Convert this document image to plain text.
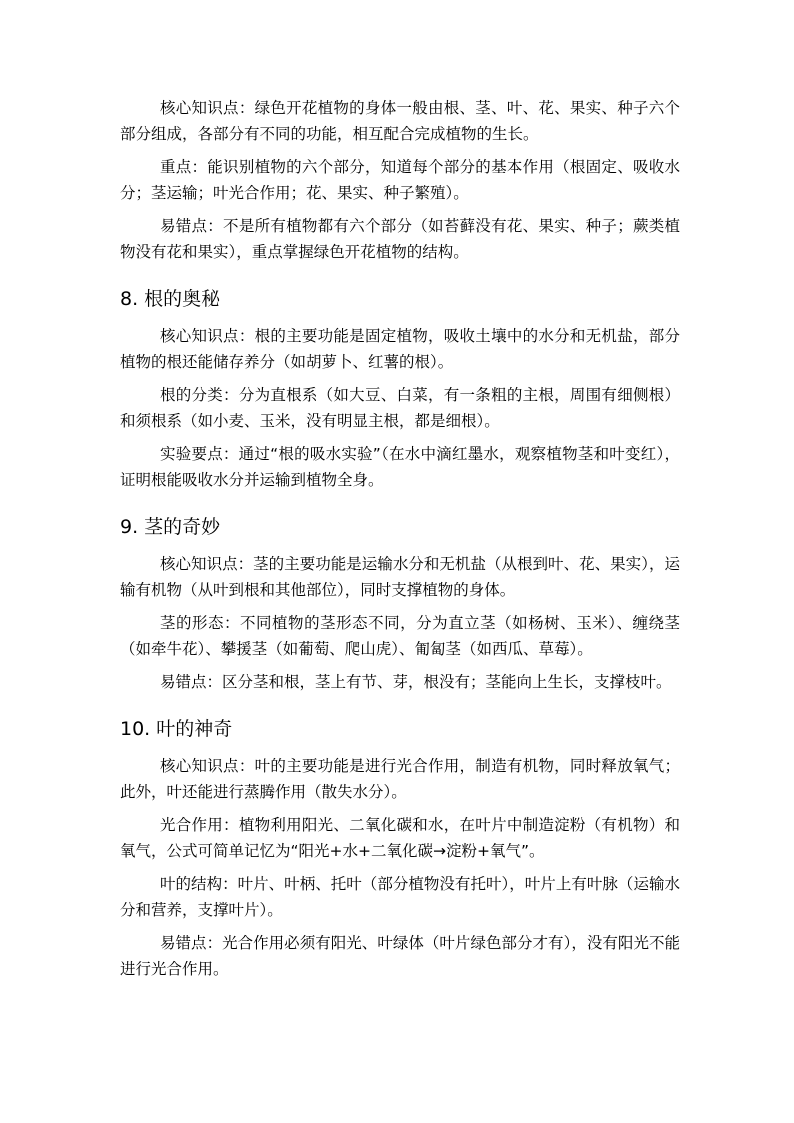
核心知识点：绿色开花植物的身体一般由根、茎、叶、花、果实、种子六个部分组成，各部分有不同的功能，相互配合完成植物的生长。

重点：能识别植物的六个部分，知道每个部分的基本作用（根固定、吸收水分；茎运输；叶光合作用；花、果实、种子繁殖）。

易错点：不是所有植物都有六个部分（如苔藓没有花、果实、种子；蕨类植物没有花和果实），重点掌握绿色开花植物的结构。

8. 根的奥秘

核心知识点：根的主要功能是固定植物，吸收土壤中的水分和无机盐，部分植物的根还能储存养分（如胡萝卜、红薯的根）。

根的分类：分为直根系（如大豆、白菜，有一条粗的主根，周围有细侧根）和须根系（如小麦、玉米，没有明显主根，都是细根）。

实验要点：通过“根的吸水实验”（在水中滴红墨水，观察植物茎和叶变红），证明根能吸收水分并运输到植物全身。

9. 茎的奇妙

核心知识点：茎的主要功能是运输水分和无机盐（从根到叶、花、果实），运输有机物（从叶到根和其他部位），同时支撑植物的身体。

茎的形态：不同植物的茎形态不同，分为直立茎（如杨树、玉米）、缠绕茎（如牵牛花）、攀援茎（如葡萄、爬山虎）、匍匐茎（如西瓜、草莓）。

易错点：区分茎和根，茎上有节、芽，根没有；茎能向上生长，支撑枝叶。

10. 叶的神奇

核心知识点：叶的主要功能是进行光合作用，制造有机物，同时释放氧气；此外，叶还能进行蒸腾作用（散失水分）。

光合作用：植物利用阳光、二氧化碳和水，在叶片中制造淀粉（有机物）和氧气，公式可简单记忆为“阳光+水+二氧化碳→淀粉+氧气”。

叶的结构：叶片、叶柄、托叶（部分植物没有托叶），叶片上有叶脉（运输水分和营养，支撑叶片）。

易错点：光合作用必须有阳光、叶绿体（叶片绿色部分才有），没有阳光不能进行光合作用。
